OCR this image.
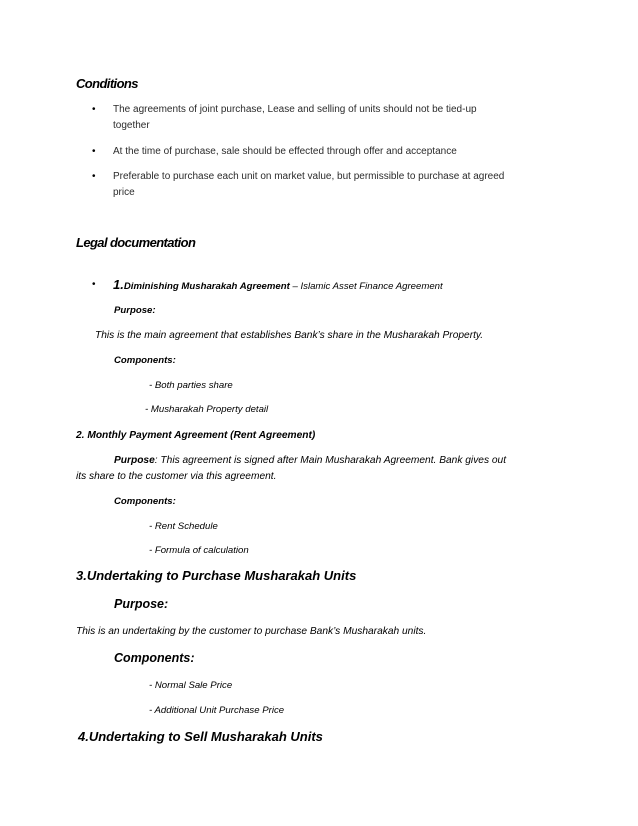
Conditions
• The agreements of joint purchase, Lease and selling of units should not be tied-up
together
• At the time of purchase, sale should be effected through offer and acceptance
• Preferable to purchase each unit on market value, but permissible to purchase at agreed
price
Legal documentation
• 1.Diminishing Musharakah Agreement – Islamic Asset Finance Agreement
Purpose:
This is the main agreement that establishes Bank’s share in the Musharakah Property.
Components:
- Both parties share
- Musharakah Property detail
2. Monthly Payment Agreement (Rent Agreement)
Purpose: This agreement is signed after Main Musharakah Agreement. Bank gives out
its share to the customer via this agreement.
Components:
- Rent Schedule
- Formula of calculation
3.Undertaking to Purchase Musharakah Units
Purpose:
This is an undertaking by the customer to purchase Bank’s Musharakah units.
Components:
- Normal Sale Price
- Additional Unit Purchase Price
4.Undertaking to Sell Musharakah Units
